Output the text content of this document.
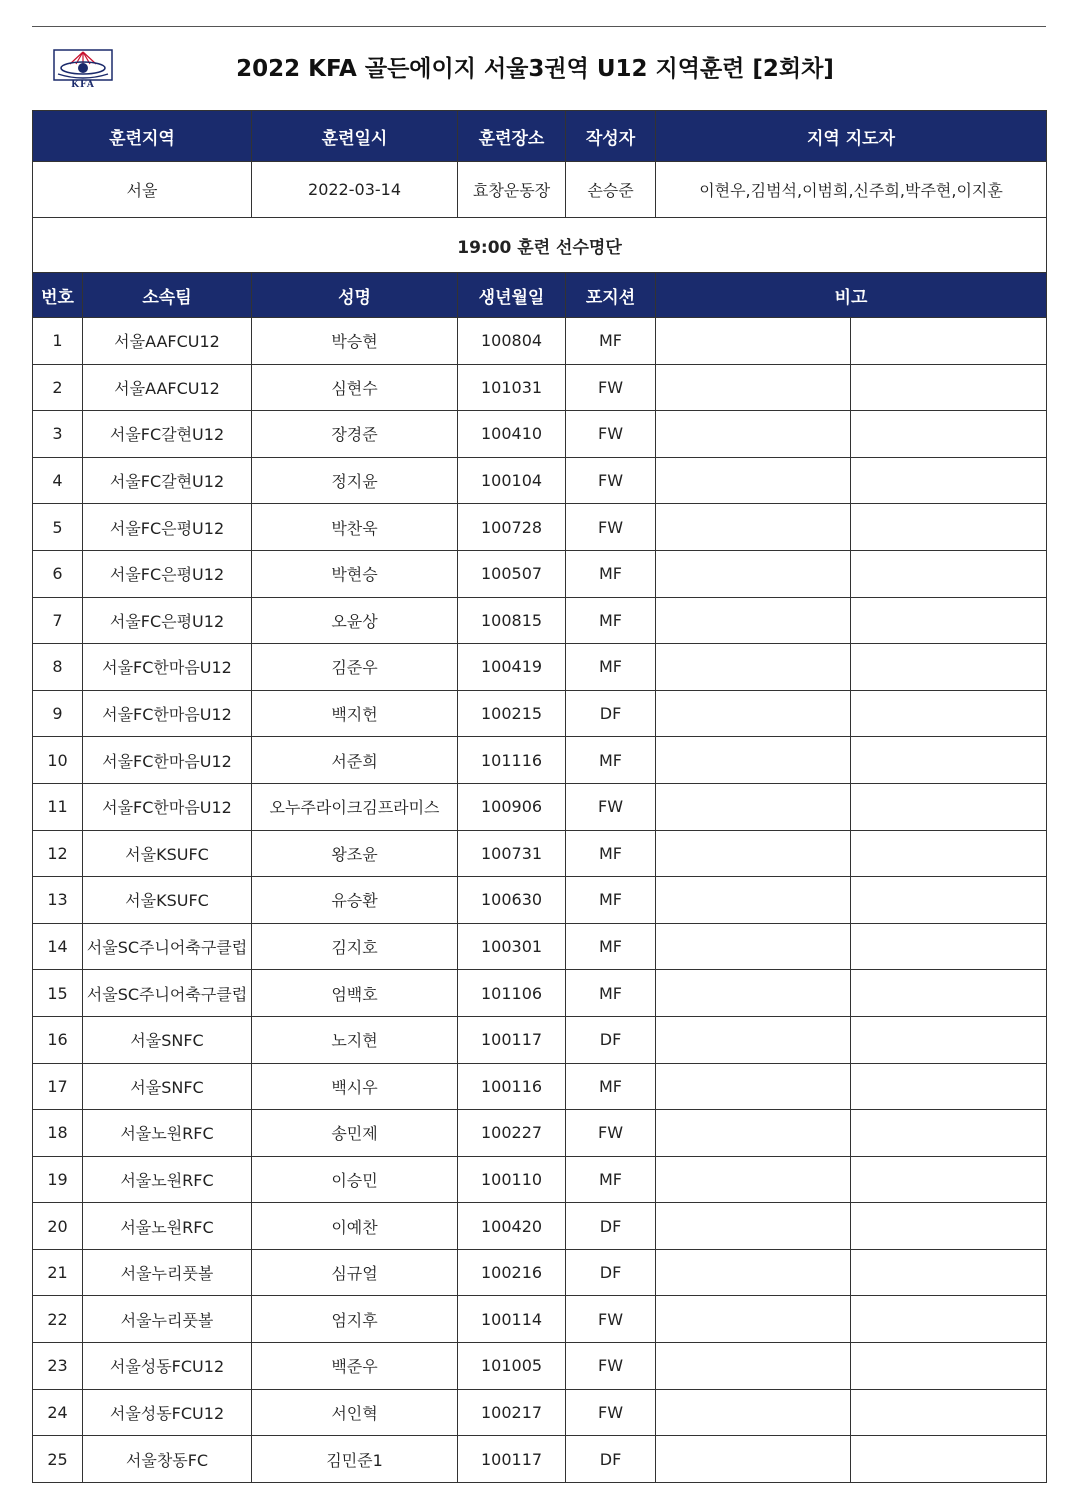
KFA
2022 KFA 골든에이지 서울3권역 U12 지역훈련 [2회차]
훈련지역		훈련일시	훈련장소	작성자	지역 지도자	
서울		2022-03-14	효창운동장	손승준	이현우,김범석,이범희,신주희,박주현,이지훈	
19:00 훈련 선수명단						
번호	소속팀	성명	생년월일	포지션	비고	
1	서울AAFCU12	박승현	100804	MF		
2	서울AAFCU12	심현수	101031	FW		
3	서울FC갈현U12	장경준	100410	FW		
4	서울FC갈현U12	정지윤	100104	FW		
5	서울FC은평U12	박찬욱	100728	FW		
6	서울FC은평U12	박현승	100507	MF		
7	서울FC은평U12	오윤상	100815	MF		
8	서울FC한마음U12	김준우	100419	MF		
9	서울FC한마음U12	백지헌	100215	DF		
10	서울FC한마음U12	서준희	101116	MF		
11	서울FC한마음U12	오누주라이크김프라미스	100906	FW		
12	서울KSUFC	왕조윤	100731	MF		
13	서울KSUFC	유승환	100630	MF		
14	서울SC주니어축구클럽	김지호	100301	MF		
15	서울SC주니어축구클럽	엄백호	101106	MF		
16	서울SNFC	노지현	100117	DF		
17	서울SNFC	백시우	100116	MF		
18	서울노원RFC	송민제	100227	FW		
19	서울노원RFC	이승민	100110	MF		
20	서울노원RFC	이예찬	100420	DF		
21	서울누리풋볼	심규얼	100216	DF		
22	서울누리풋볼	엄지후	100114	FW		
23	서울성동FCU12	백준우	101005	FW		
24	서울성동FCU12	서인혁	100217	FW		
25	서울창동FC	김민준1	100117	DF		
